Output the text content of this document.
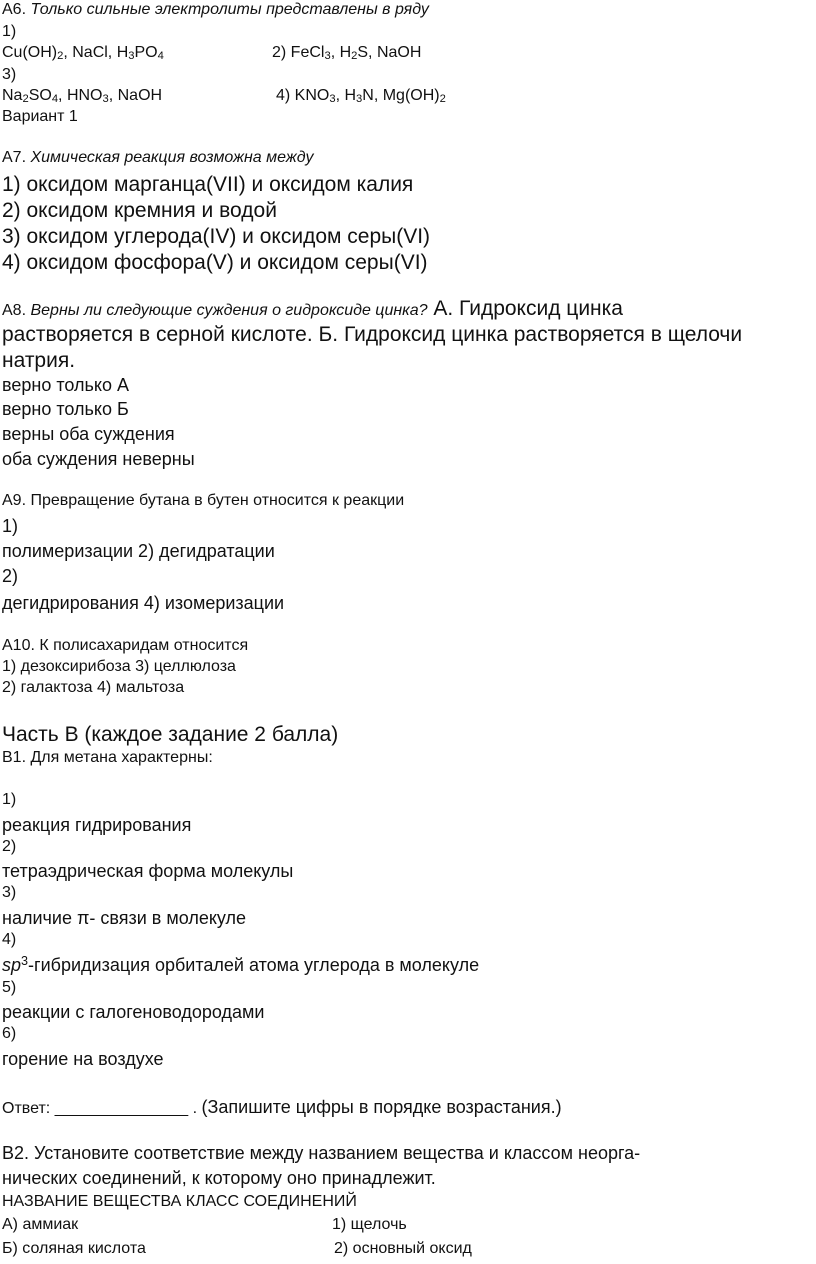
А6. Только сильные электролиты представлены в ряду
1)
$Cu(OH)_2$, NaCl, $H_3PO_4$	2) FeCl$_3$, $H_2S$, NaOH
3)
$Na_2SO_4$, $HNO_3$, NaOH	4) $KNO_3$, $H_3N$, $Mg(OH)_2$
Вариант 1
А7. Химическая реакция возможна между
1) оксидом марганца(VII) и оксидом калия
2) оксидом кремния и водой
3) оксидом углерода(IV) и оксидом серы(VI)
4) оксидом фосфора(V) и оксидом серы(VI)
А8. Верны ли следующие суждения о гидроксиде цинка? А. Гидроксид цинка
растворяется в серной кислоте. Б. Гидроксид цинка растворяется в щелочи
натрия.
верно только А
верно только Б
верны оба суждения
оба суждения неверны
А9. Превращение бутана в бутен относится к реакции
1)
полимеризации 2) дегидратации
2)
дегидрирования 4) изомеризации
А10. К полисахаридам относится
1) дезоксирибоза 3) целлюлоза
2) галактоза 4) мальтоза
Часть В (каждое задание 2 балла)
В1. Для метана характерны:
1)
реакция гидрирования
2)
тетраэдрическая форма молекулы
3)
наличие π- связи в молекуле
4)
$sp^3$-гибридизация орбиталей атома углерода в молекуле
5)
реакции с галогеноводородами
6)
горение на воздухе
Ответ: _______________ . (Запишите цифры в порядке возрастания.)
В2. Установите соответствие между названием вещества и классом неорга-
нических соединений, к которому оно принадлежит.
НАЗВАНИЕ ВЕЩЕСТВА КЛАСС СОЕДИНЕНИЙ
А) аммиак	1) щелочь
Б) соляная кислота	2) основный оксид
